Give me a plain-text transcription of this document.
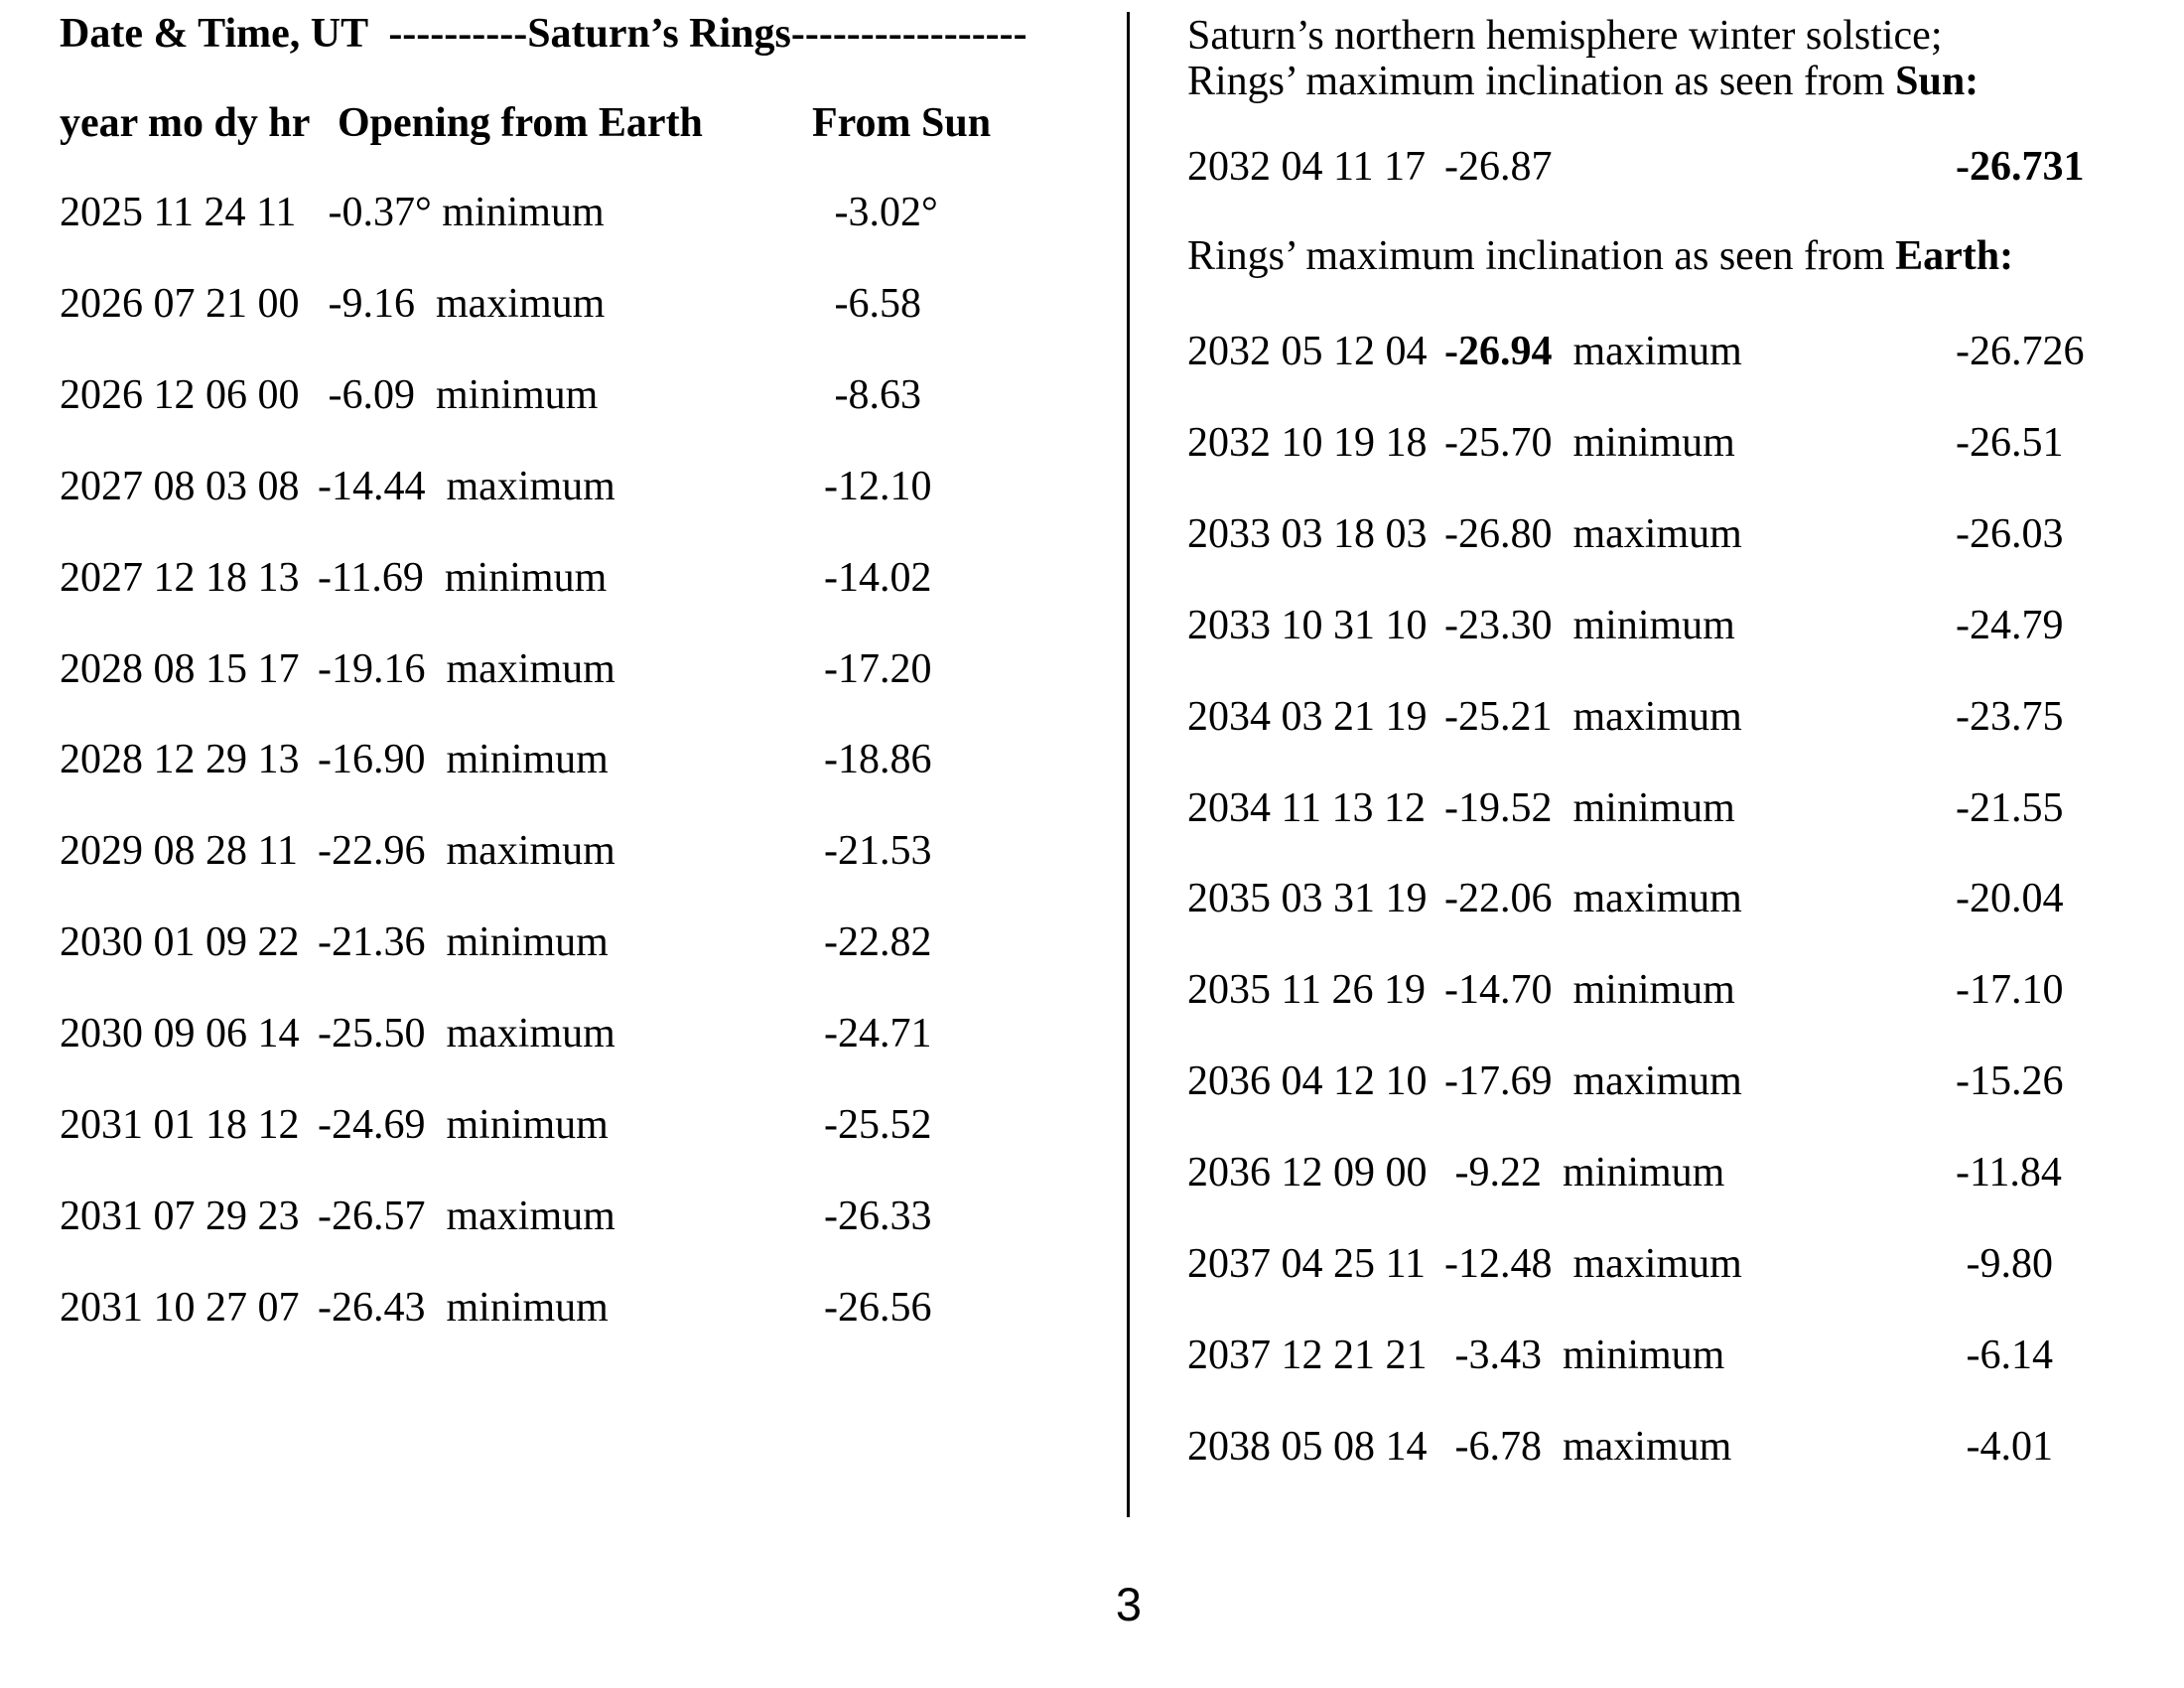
Date & Time, UT  ----------Saturn’s Rings-----------------
year mo dy hr Opening from Earth	From Sun
2025 11 24 11 -0.37° minimum	-3.02°
2026 07 21 00 -9.16  maximum	-6.58
2026 12 06 00 -6.09  minimum	-8.63
2027 08 03 08 -14.44  maximum	-12.10
2027 12 18 13 -11.69  minimum	-14.02
2028 08 15 17 -19.16  maximum	-17.20
2028 12 29 13 -16.90  minimum	-18.86
2029 08 28 11 -22.96  maximum	-21.53
2030 01 09 22 -21.36  minimum	-22.82
2030 09 06 14 -25.50  maximum	-24.71
2031 01 18 12 -24.69  minimum	-25.52
2031 07 29 23 -26.57  maximum	-26.33
2031 10 27 07 -26.43  minimum	-26.56
Saturn’s northern hemisphere winter solstice;
Rings’ maximum inclination as seen from Sun:
2032 04 11 17 -26.87	-26.731
Rings’ maximum inclination as seen from Earth:
2032 05 12 04 -26.94  maximum	-26.726
2032 10 19 18 -25.70  minimum	-26.51
2033 03 18 03 -26.80  maximum	-26.03
2033 10 31 10 -23.30  minimum	-24.79
2034 03 21 19 -25.21  maximum	-23.75
2034 11 13 12 -19.52  minimum	-21.55
2035 03 31 19 -22.06  maximum	-20.04
2035 11 26 19 -14.70  minimum	-17.10
2036 04 12 10 -17.69  maximum	-15.26
2036 12 09 00 -9.22  minimum	-11.84
2037 04 25 11 -12.48  maximum	-9.80
2037 12 21 21 -3.43  minimum	-6.14
2038 05 08 14 -6.78  maximum	-4.01
3
